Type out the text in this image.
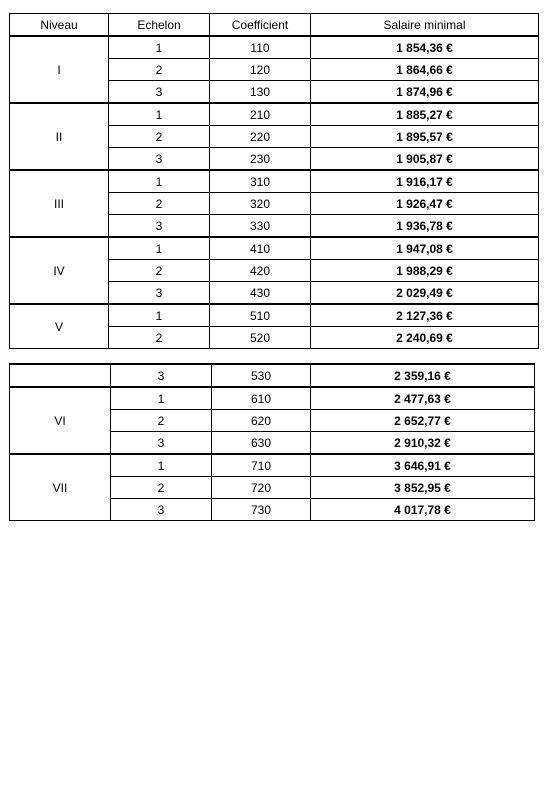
Niveau	Echelon	Coefficient	Salaire minimal
I	1	110	1 854,36 €
	2	120	1 864,66 €
	3	130	1 874,96 €
II	1	210	1 885,27 €
	2	220	1 895,57 €
	3	230	1 905,87 €
III	1	310	1 916,17 €
	2	320	1 926,47 €
	3	330	1 936,78 €
IV	1	410	1 947,08 €
	2	420	1 988,29 €
	3	430	2 029,49 €
V	1	510	2 127,36 €
	2	520	2 240,69 €
	3	530	2 359,16 €
VI	1	610	2 477,63 €
	2	620	2 652,77 €
	3	630	2 910,32 €
VII	1	710	3 646,91 €
	2	720	3 852,95 €
	3	730	4 017,78 €
